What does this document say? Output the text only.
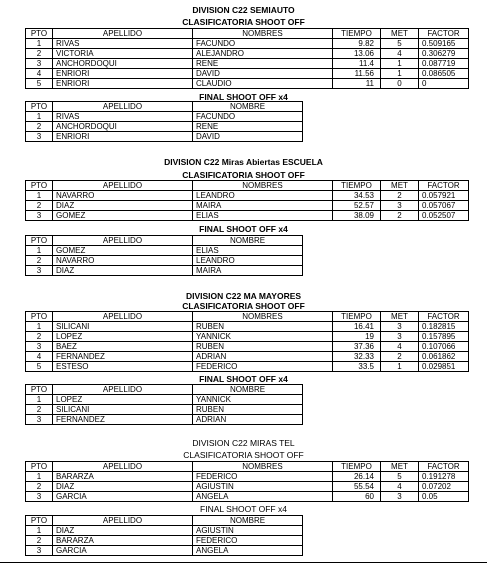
DIVISION C22 SEMIAUTO
CLASIFICATORIA SHOOT OFF
PTO	APELLIDO	NOMBRES	TIEMPO	MET	FACTOR
1	RIVAS	FACUNDO	9.82	5	0.509165
2	VICTORIA	ALEJANDRO	13.06	4	0.306279
3	ANCHORDOQUI	RENE	11.4	1	0.087719
4	ENRIORI	DAVID	11.56	1	0.086505
5	ENRIORI	CLAUDIO	11	0	0
FINAL SHOOT OFF x4
PTO	APELLIDO	NOMBRE
1	RIVAS	FACUNDO
2	ANCHORDOQUI	RENE
3	ENRIORI	DAVID
DIVISION C22 Miras Abiertas ESCUELA
CLASIFICATORIA SHOOT OFF
PTO	APELLIDO	NOMBRES	TIEMPO	MET	FACTOR
1	NAVARRO	LEANDRO	34.53	2	0.057921
2	DIAZ	MAIRA	52.57	3	0.057067
3	GOMEZ	ELIAS	38.09	2	0.052507
FINAL SHOOT OFF x4
PTO	APELLIDO	NOMBRE
1	GOMEZ	ELIAS
2	NAVARRO	LEANDRO
3	DIAZ	MAIRA
DIVISION C22 MA MAYORES
CLASIFICATORIA SHOOT OFF
PTO	APELLIDO	NOMBRES	TIEMPO	MET	FACTOR
1	SILICANI	RUBEN	16.41	3	0.182815
2	LOPEZ	YANNICK	19	3	0.157895
3	BAEZ	RUBEN	37.36	4	0.107066
4	FERNANDEZ	ADRIAN	32.33	2	0.061862
5	ESTESO	FEDERICO	33.5	1	0.029851
FINAL SHOOT OFF x4
PTO	APELLIDO	NOMBRE
1	LOPEZ	YANNICK
2	SILICANI	RUBEN
3	FERNANDEZ	ADRIAN
DIVISION C22 MIRAS TEL
CLASIFICATORIA SHOOT OFF
PTO	APELLIDO	NOMBRES	TIEMPO	MET	FACTOR
1	BARARZA	FEDERICO	26.14	5	0.191278
2	DIAZ	AGIUSTIN	55.54	4	0.07202
3	GARCIA	ANGELA	60	3	0.05
FINAL SHOOT OFF x4
PTO	APELLIDO	NOMBRE
1	DIAZ	AGIUSTIN
2	BARARZA	FEDERICO
3	GARCIA	ANGELA
